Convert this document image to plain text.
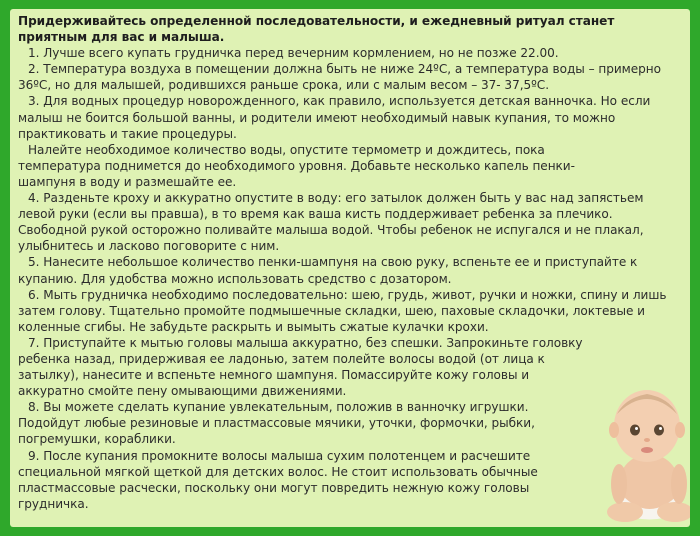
Придерживайтесь определенной последовательности, и ежедневный ритуал станет приятным для вас и малыша.
1. Лучше всего купать грудничка перед вечерним кормлением, но не позже 22.00.
2. Температура воздуха в помещении должна быть не ниже 24ºС, а температура воды – примерно 36ºС, но для малышей, родившихся раньше срока, или с малым весом – 37- 37,5ºС.
3. Для водных процедур новорожденного, как правило, используется детская ванночка. Но если малыш не боится большой ванны, и родители имеют необходимый навык купания, то можно практиковать и такие процедуры.
Налейте необходимое количество воды, опустите термометр и дождитесь, пока температура поднимется до необходимого уровня. Добавьте несколько капель пенки-шампуня в воду и размешайте ее.
4. Разденьте кроху и аккуратно опустите в воду: его затылок должен быть у вас над запястьем левой руки (если вы правша), в то время как ваша кисть поддерживает ребенка за плечико. Свободной рукой осторожно поливайте малыша водой. Чтобы ребенок не испугался и не плакал, улыбнитесь и ласково поговорите с ним.
5. Нанесите небольшое количество пенки-шампуня на свою руку, вспеньте ее и приступайте к купанию. Для удобства можно использовать средство с дозатором.
6. Мыть грудничка необходимо последовательно: шею, грудь, живот, ручки и ножки, спину и лишь затем голову. Тщательно промойте подмышечные складки, шею, паховые складочки, локтевые и коленные сгибы. Не забудьте раскрыть и вымыть сжатые кулачки крохи.
7. Приступайте к мытью головы малыша аккуратно, без спешки. Запрокиньте головку ребенка назад, придерживая ее ладонью, затем полейте волосы водой (от лица к затылку), нанесите и вспеньте немного шампуня. Помассируйте кожу головы и аккуратно смойте пену омывающими движениями.
8. Вы можете сделать купание увлекательным, положив в ванночку игрушки. Подойдут любые резиновые и пластмассовые мячики, уточки, формочки, рыбки, погремушки, кораблики.
9. После купания промокните волосы малыша сухим полотенцем и расчешите специальной мягкой щеткой для детских волос. Не стоит использовать обычные пластмассовые расчески, поскольку они могут повредить нежную кожу головы грудничка.
